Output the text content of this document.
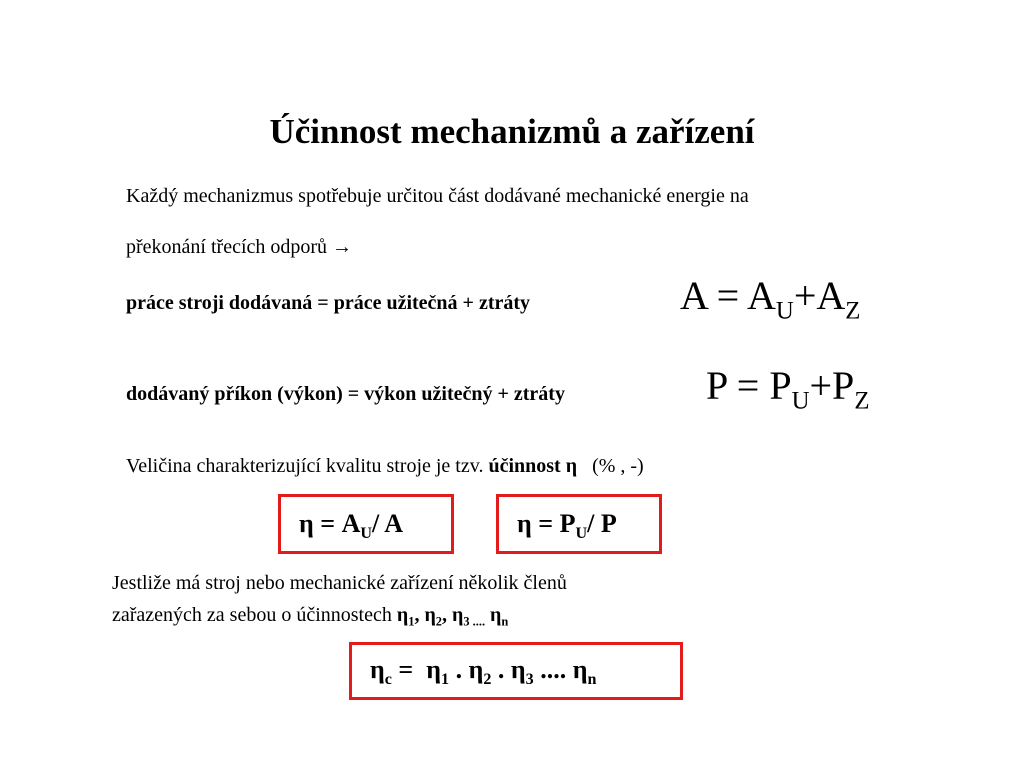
Účinnost mechanizmů a zařízení
Každý mechanizmus spotřebuje určitou část dodávané mechanické energie na
překonání třecích odporů →
práce stroji dodávaná = práce užitečná + ztráty	$A = A_U+A_Z$
dodávaný příkon (výkon) = výkon užitečný + ztráty	$P = P_U+P_Z$
Veličina charakterizující kvalitu stroje je tzv. účinnost η   (% , -)
$\eta = A_U/$ A	$\eta = P_U/$ P
Jestliže má stroj nebo mechanické zařízení několik členů
zařazených za sebou o účinnostech $\eta_1$, $\eta_2$, $\eta_{3 ....}$ $\eta_n$
$\eta_c = \eta_1$ . $\eta_2$ . $\eta_3$ .... $\eta_n$
